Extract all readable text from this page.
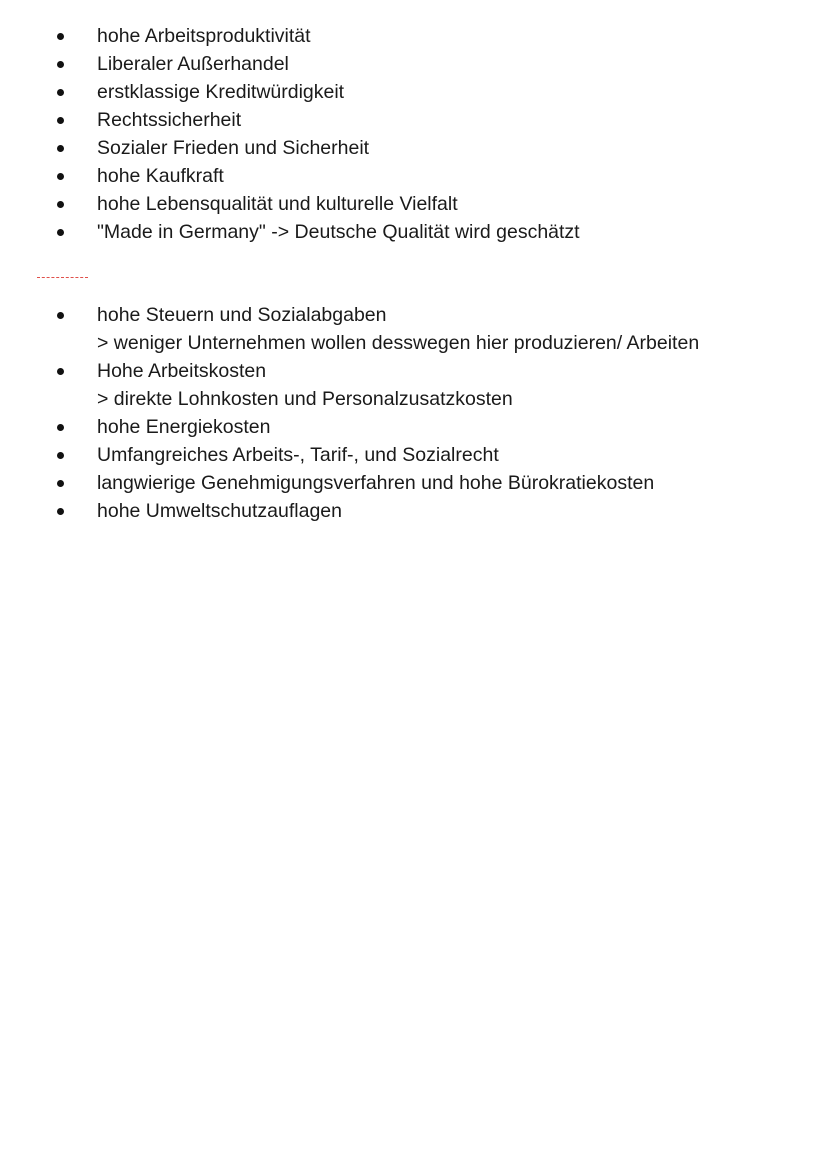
hohe Arbeitsproduktivität
Liberaler Außerhandel
erstklassige Kreditwürdigkeit
Rechtssicherheit
Sozialer Frieden und Sicherheit
hohe Kaufkraft
hohe Lebensqualität und kulturelle Vielfalt
"Made in Germany" -> Deutsche Qualität wird geschätzt
hohe Steuern und Sozialabgaben
> weniger Unternehmen wollen desswegen hier produzieren/ Arbeiten
Hohe Arbeitskosten
> direkte Lohnkosten und Personalzusatzkosten
hohe Energiekosten
Umfangreiches Arbeits-, Tarif-, und Sozialrecht
langwierige Genehmigungsverfahren und hohe Bürokratiekosten
hohe Umweltschutzauflagen
